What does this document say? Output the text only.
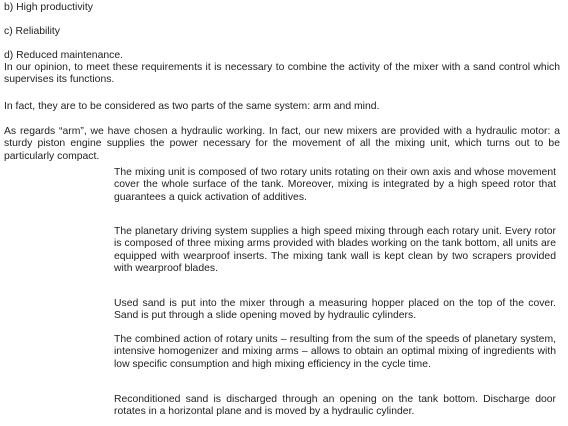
b) High productivity
c) Reliability
d) Reduced maintenance.
In our opinion, to meet these requirements it is necessary to combine the activity of the mixer with a sand control which supervises its functions.
In fact, they are to be considered as two parts of the same system: arm and mind.
As regards “arm”, we have chosen a hydraulic working. In fact, our new mixers are provided with a hydraulic motor: a sturdy piston engine supplies the power necessary for the movement of all the mixing unit, which turns out to be particularly compact.
The mixing unit is composed of two rotary units rotating on their own axis and whose movement cover the whole surface of the tank. Moreover, mixing is integrated by a high speed rotor that guarantees a quick activation of additives.
The planetary driving system supplies a high speed mixing through each rotary unit. Every rotor is composed of three mixing arms provided with blades working on the tank bottom, all units are equipped with wearproof inserts. The mixing tank wall is kept clean by two scrapers provided with wearproof blades.
Used sand is put into the mixer through a measuring hopper placed on the top of the cover. Sand is put through a slide opening moved by hydraulic cylinders.
The combined action of rotary units – resulting from the sum of the speeds of planetary system, intensive homogenizer and mixing arms – allows to obtain an optimal mixing of ingredients with low specific consumption and high mixing efficiency in the cycle time.
Reconditioned sand is discharged through an opening on the tank bottom. Discharge door rotates in a horizontal plane and is moved by a hydraulic cylinder.
